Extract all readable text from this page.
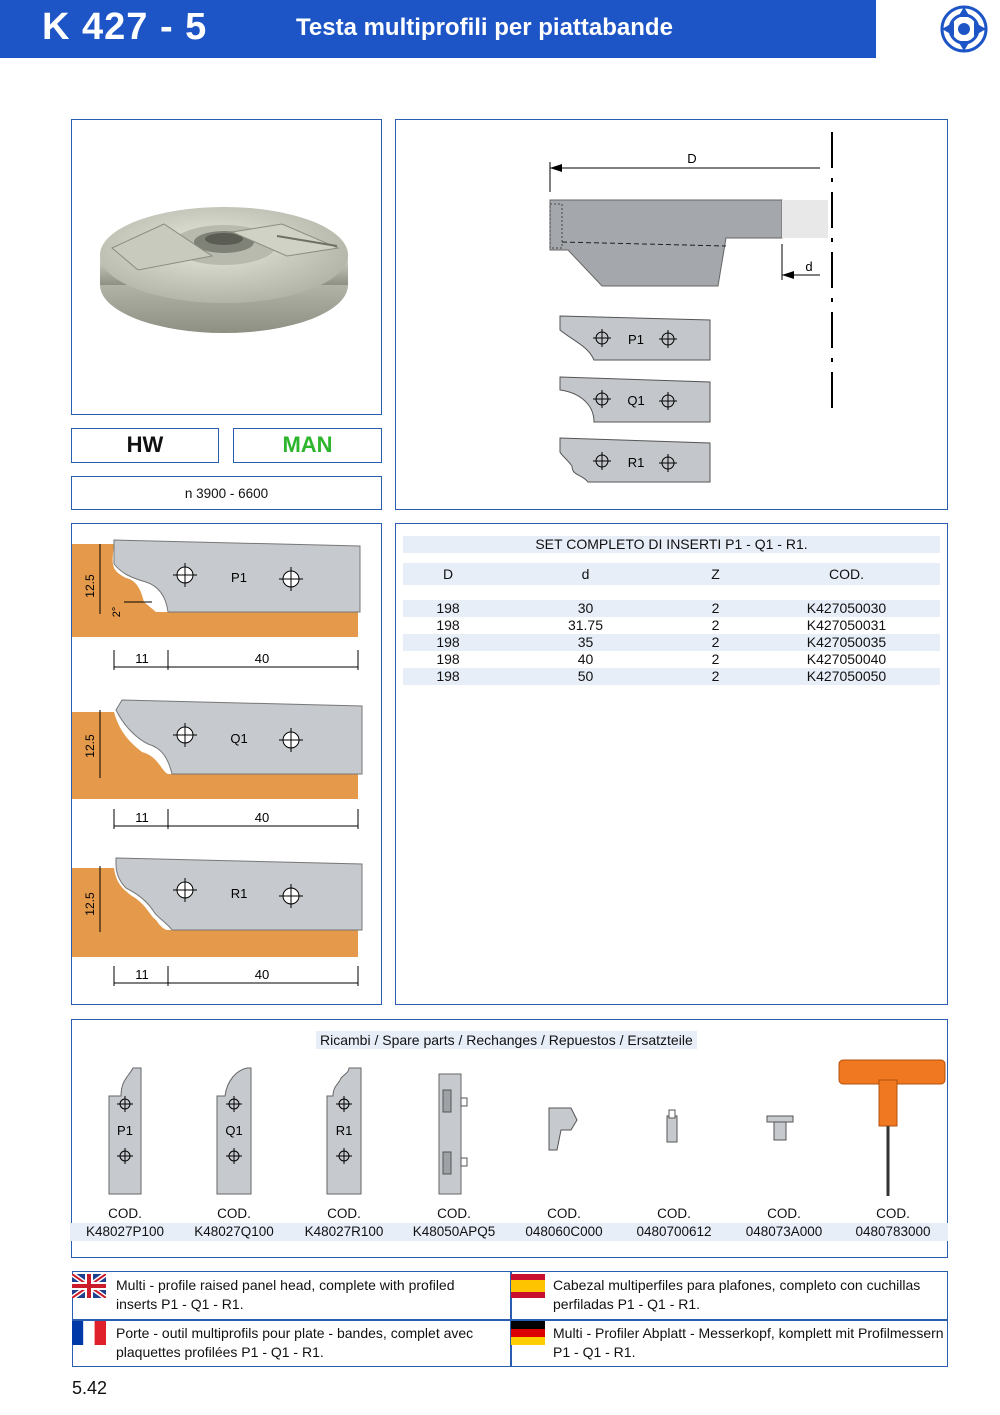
K 427 - 5	Testa multiprofili per piattabande
D
d
P1
Q1
R1
HW	MAN
n 3900 - 6600
P1
12.5
2°
11	40
Q1
12.5
11	40
R1
12.5
11	40
SET COMPLETO DI INSERTI P1 - Q1 - R1.
D	d	Z	COD.
198	30	2	K427050030
198	31.75	2	K427050031
198	35	2	K427050035
198	40	2	K427050040
198	50	2	K427050050
Ricambi / Spare parts / Rechanges / Repuestos / Ersatzteile
P1	Q1	R1
COD.
K48027P100
COD.
K48027Q100
COD.
K48027R100
COD.
K48050APQ5
COD.
048060C000
COD.
0480700612
COD.
048073A000
COD.
0480783000
Multi - profile raised panel head, complete with profiled inserts P1 - Q1 - R1.
Cabezal multiperfiles para plafones, completo con cuchillas perfiladas P1 - Q1 - R1.
Porte - outil multiprofils pour plate - bandes, complet avec plaquettes profilées P1 - Q1 - R1.
Multi - Profiler Abplatt - Messerkopf, komplett mit Profilmessern P1 - Q1 - R1.
5.42
